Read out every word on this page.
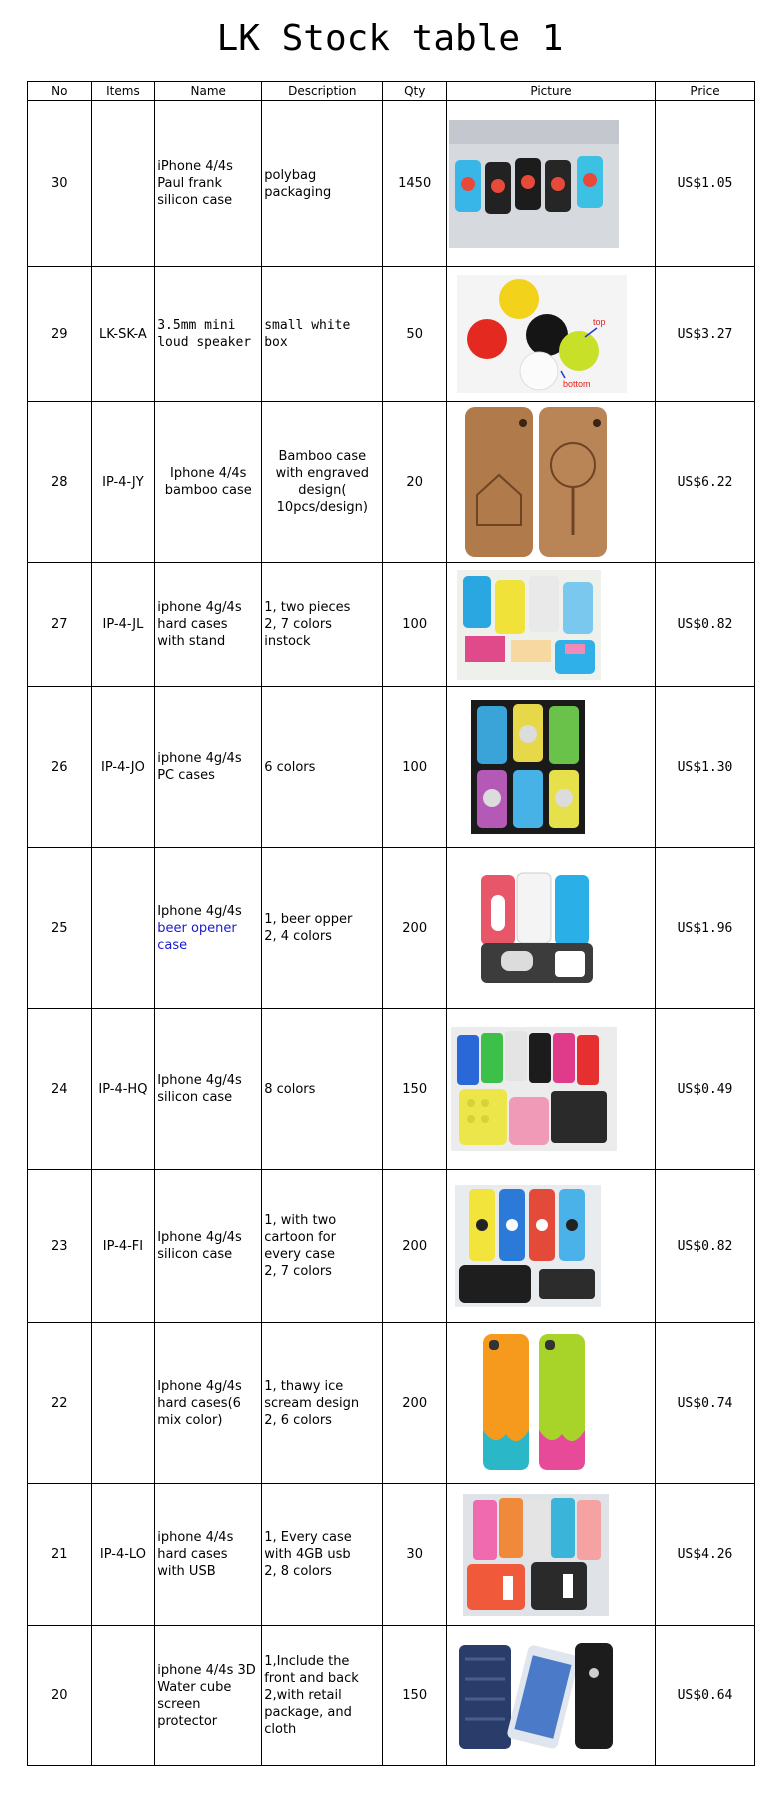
LK Stock table 1
No	Items	Name	Description	Qty	Picture	Price
30		iPhone 4/4s
Paul frank
silicon case	polybag
packaging	1450		US$1.05
29	LK-SK-A	3.5mm mini
loud speaker	small white
box	50	top
bottom	US$3.27
28	IP-4-JY	Iphone 4/4s
bamboo case	Bamboo case
with engraved
design(
10pcs/design)	20		US$6.22
27	IP-4-JL	iphone 4g/4s
hard cases
with stand	1, two pieces
2, 7 colors
instock	100		US$0.82
26	IP-4-JO	iphone 4g/4s
PC cases	6 colors	100		US$1.30
25		Iphone 4g/4s
beer opener
case	1, beer opper
2, 4 colors	200		US$1.96
24	IP-4-HQ	Iphone 4g/4s
silicon case	8 colors	150		US$0.49
23	IP-4-FI	Iphone 4g/4s
silicon case	1, with two
cartoon for
every case
2, 7 colors	200		US$0.82
22		Iphone 4g/4s
hard cases(6
mix color)	1, thawy ice
scream design
2, 6 colors	200		US$0.74
21	IP-4-LO	iphone 4/4s
hard cases
with USB	1, Every case
with 4GB usb
2, 8 colors	30		US$4.26
20		iphone 4/4s 3D
Water cube
screen
protector	1,Include the
front and back
2,with retail
package, and
cloth	150		US$0.64
